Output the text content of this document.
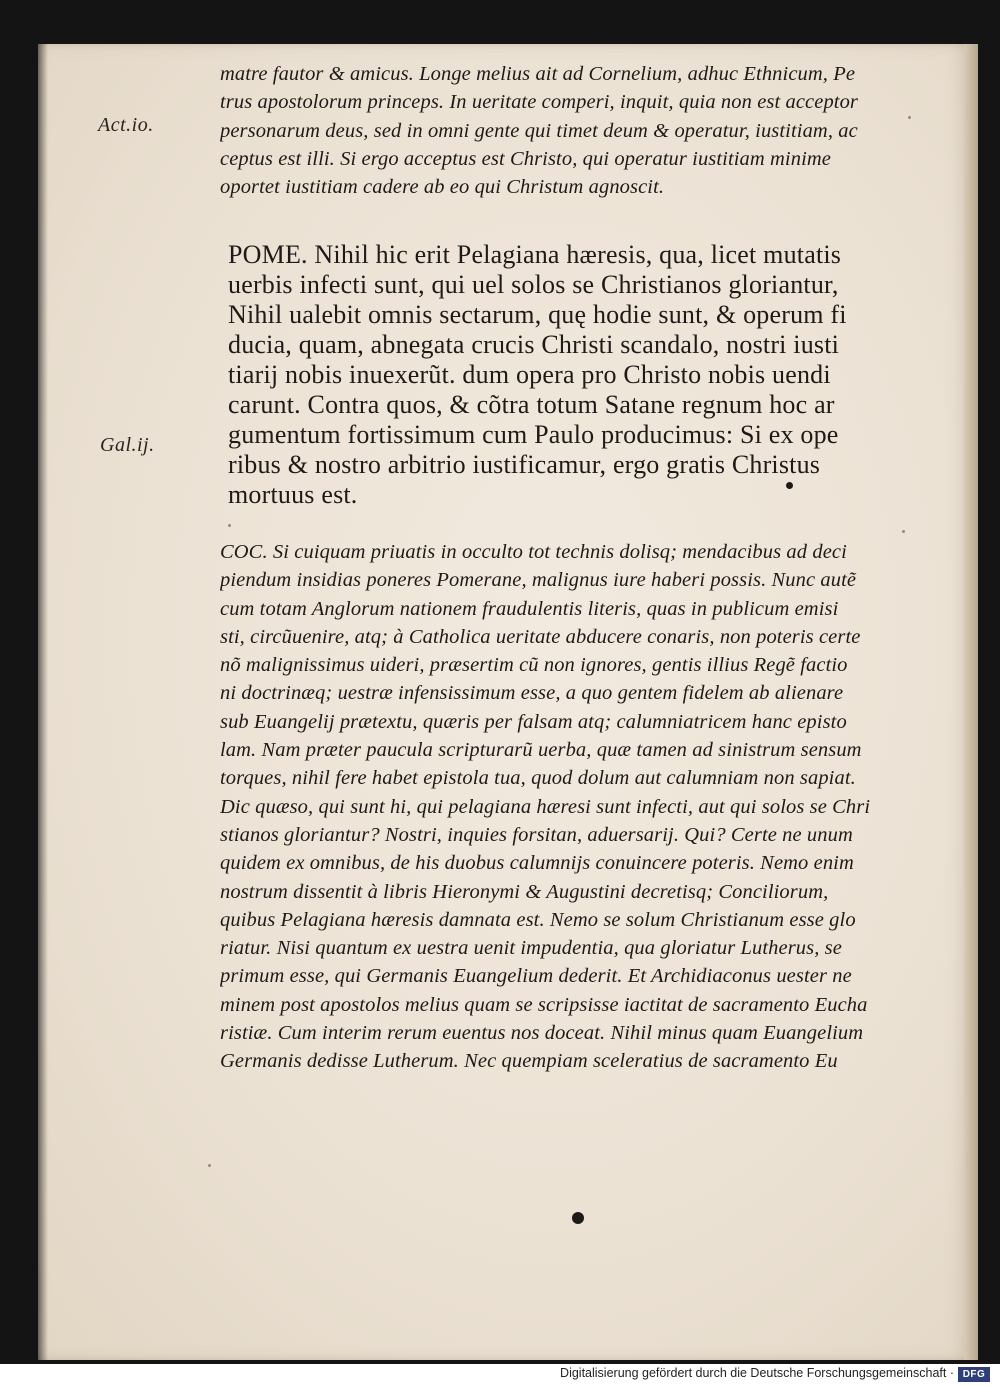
Act.io.
Gal.ij.
matre fautor & amicus. Longe melius ait ad Cornelium, adhuc Ethnicum, Pe
trus apostolorum princeps. In ueritate comperi, inquit, quia non est acceptor
personarum deus, sed in omni gente qui timet deum & operatur, iustitiam, ac
ceptus est illi. Si ergo acceptus est Christo, qui operatur iustitiam minime
oportet iustitiam cadere ab eo qui Christum agnoscit.
POME. Nihil hic erit Pelagiana hæresis, qua, licet mutatis
uerbis infecti sunt, qui uel solos se Christianos gloriantur,
Nihil ualebit omnis sectarum, quę hodie sunt, & operum fi
ducia, quam, abnegata crucis Christi scandalo, nostri iusti
tiarij nobis inuexerũt. dum opera pro Christo nobis uendi
carunt. Contra quos, & cõtra totum Satane regnum hoc ar
gumentum fortissimum cum Paulo producimus: Si ex ope
ribus & nostro arbitrio iustificamur, ergo gratis Christus
mortuus est.
COC. Si cuiquam priuatis in occulto tot technis dolisq; mendacibus ad deci
piendum insidias poneres Pomerane, malignus iure haberi possis. Nunc autẽ
cum totam Anglorum nationem fraudulentis literis, quas in publicum emisi
sti, circũuenire, atq; à Catholica ueritate abducere conaris, non poteris certe
nõ malignissimus uideri, præsertim cũ non ignores, gentis illius Regẽ factio
ni doctrinæq; uestræ infensissimum esse, a quo gentem fidelem ab alienare
sub Euangelij prætextu, quæris per falsam atq; calumniatricem hanc episto
lam. Nam præter paucula scripturarũ uerba, quæ tamen ad sinistrum sensum
torques, nihil fere habet epistola tua, quod dolum aut calumniam non sapiat.
Dic quæso, qui sunt hi, qui pelagiana hæresi sunt infecti, aut qui solos se Chri
stianos gloriantur? Nostri, inquies forsitan, aduersarij. Qui? Certe ne unum
quidem ex omnibus, de his duobus calumnijs conuincere poteris. Nemo enim
nostrum dissentit à libris Hieronymi & Augustini decretisq; Conciliorum,
quibus Pelagiana hæresis damnata est. Nemo se solum Christianum esse glo
riatur. Nisi quantum ex uestra uenit impudentia, qua gloriatur Lutherus, se
primum esse, qui Germanis Euangelium dederit. Et Archidiaconus uester ne
minem post apostolos melius quam se scripsisse iactitat de sacramento Eucha
ristiæ. Cum interim rerum euentus nos doceat. Nihil minus quam Euangelium
Germanis dedisse Lutherum. Nec quempiam sceleratius de sacramento Eu
Digitalisierung gefördert durch die Deutsche Forschungsgemeinschaft · DFG
